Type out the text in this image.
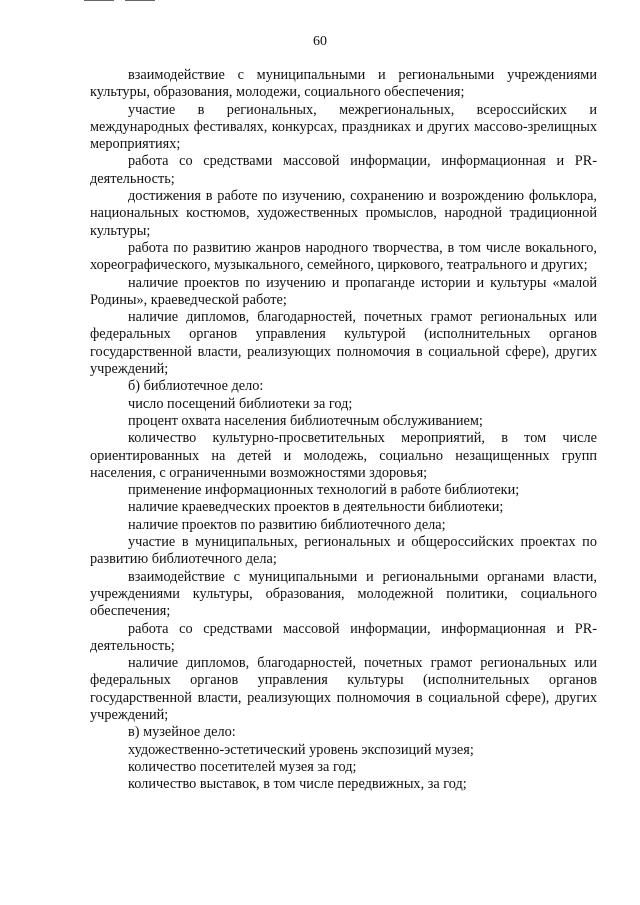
60

взаимодействие с муниципальными и региональными учреждениями культуры, образования, молодежи, социального обеспечения;

участие в региональных, межрегиональных, всероссийских и международных фестивалях, конкурсах, праздниках и других массово-зрелищных мероприятиях;

работа со средствами массовой информации, информационная и PR-деятельность;

достижения в работе по изучению, сохранению и возрождению фольклора, национальных костюмов, художественных промыслов, народной традиционной культуры;

работа по развитию жанров народного творчества, в том числе вокального, хореографического, музыкального, семейного, циркового, театрального и других;

наличие проектов по изучению и пропаганде истории и культуры «малой Родины», краеведческой работе;

наличие дипломов, благодарностей, почетных грамот региональных или федеральных органов управления культурой (исполнительных органов государственной власти, реализующих полномочия в социальной сфере), других учреждений;

б) библиотечное дело:

число посещений библиотеки за год;

процент охвата населения библиотечным обслуживанием;

количество культурно-просветительных мероприятий, в том числе ориентированных на детей и молодежь, социально незащищенных групп населения, с ограниченными возможностями здоровья;

применение информационных технологий в работе библиотеки;

наличие краеведческих проектов в деятельности библиотеки;

наличие проектов по развитию библиотечного дела;

участие в муниципальных, региональных и общероссийских проектах по развитию библиотечного дела;

взаимодействие с муниципальными и региональными органами власти, учреждениями культуры, образования, молодежной политики, социального обеспечения;

работа со средствами массовой информации, информационная и PR-деятельность;

наличие дипломов, благодарностей, почетных грамот региональных или федеральных органов управления культуры (исполнительных органов государственной власти, реализующих полномочия в социальной сфере), других учреждений;

в) музейное дело:

художественно-эстетический уровень экспозиций музея;

количество посетителей музея за год;

количество выставок, в том числе передвижных, за год;
